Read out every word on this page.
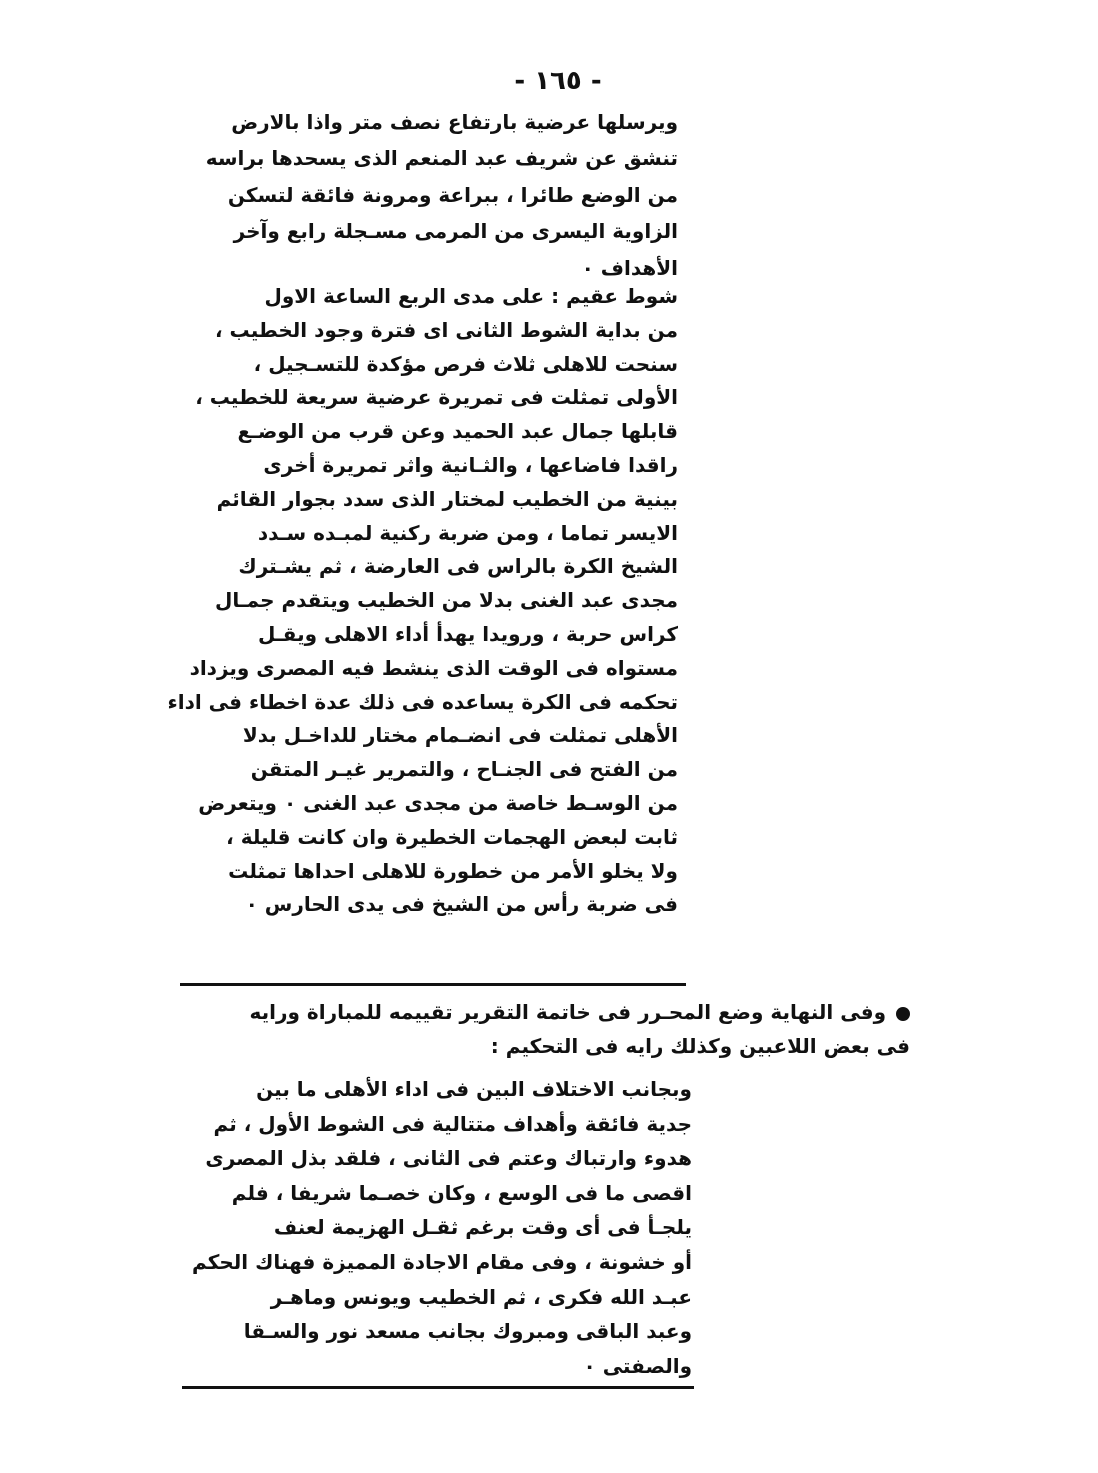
- ١٦٥ -
ويرسلها عرضية بارتفاع نصف متر واذا بالارض
تنشق عن شريف عبد المنعم الذى يسحدها براسه
من الوضع طائرا ، ببراعة ومرونة فائقة لتسكن
الزاوية اليسرى من المرمى مسـجلة رابع وآخر
الأهداف ٠
شوط عقيم : على مدى الربع الساعة الاول
من بداية الشوط الثانى اى فترة وجود الخطيب ،
سنحت للاهلى ثلاث فرص مؤكدة للتسـجيل ،
الأولى تمثلت فى تمريرة عرضية سريعة للخطيب ،
قابلها جمال عبد الحميد وعن قرب من الوضـع
راقدا فاضاعها ، والثـانية واثر تمريرة أخرى
بينية من الخطيب لمختار الذى سدد بجوار القائم
الايسر تماما ، ومن ضربة ركنية لمبـده سـدد
الشيخ الكرة بالراس فى العارضة ، ثم يشـترك
مجدى عبد الغنى بدلا من الخطيب ويتقدم جمـال
كراس حربة ، ورويدا يهدأ أداء الاهلى ويقـل
مستواه فى الوقت الذى ينشط فيه المصرى ويزداد
تحكمه فى الكرة يساعده فى ذلك عدة اخطاء فى اداء
الأهلى تمثلت فى انضـمام مختار للداخـل بدلا
من الفتح فى الجنـاح ، والتمرير غيـر المتقن
من الوسـط خاصة من مجدى عبد الغنى ٠ ويتعرض
ثابت لبعض الهجمات الخطيرة وان كانت قليلة ،
ولا يخلو الأمر من خطورة للاهلى احداها تمثلت
فى ضربة رأس من الشيخ فى يدى الحارس ٠
وفى النهاية وضع المحـرر فى خاتمة التقرير تقييمه للمباراة ورايه
فى بعض اللاعبين وكذلك رايه فى التحكيم :
وبجانب الاختلاف البين فى اداء الأهلى ما بين
جدية فائقة وأهداف متتالية فى الشوط الأول ، ثم
هدوء وارتباك وعتم فى الثانى ، فلقد بذل المصرى
اقصى ما فى الوسع ، وكان خصـما شريفا ، فلم
يلجـأ فى أى وقت برغم ثقـل الهزيمة لعنف
أو خشونة ، وفى مقام الاجادة المميزة فهناك الحكم
عبـد الله فكرى ، ثم الخطيب ويونس وماهـر
وعبد الباقى ومبروك بجانب مسعد نور والسـقا
والصفتى ٠
